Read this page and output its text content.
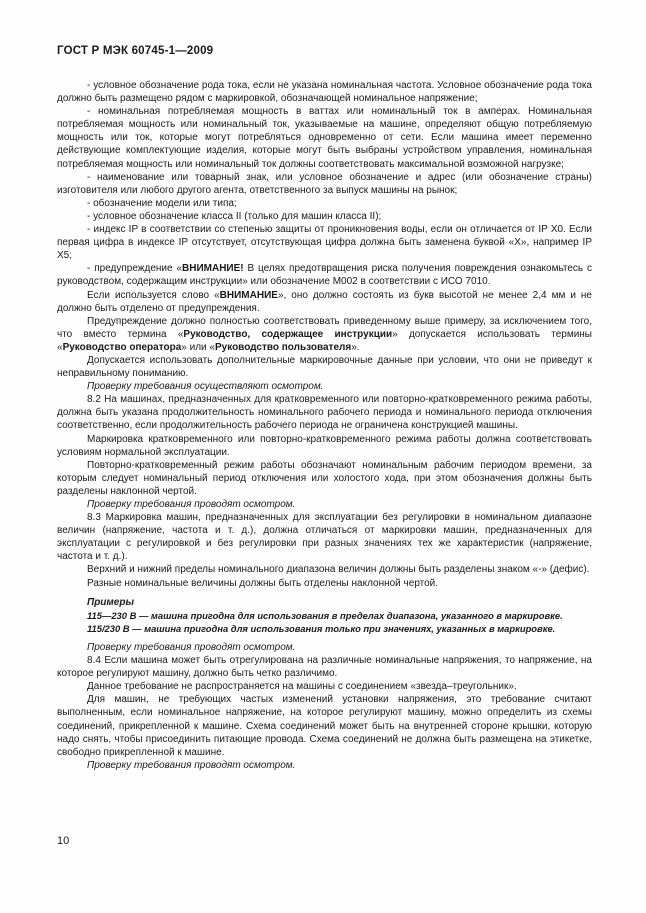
ГОСТ Р МЭК 60745-1—2009

- условное обозначение рода тока, если не указана номинальная частота. Условное обозначение рода тока должно быть размещено рядом с маркировкой, обозначающей номинальное напряжение;

- номинальная потребляемая мощность в ваттах или номинальный ток в амперах. Номинальная потребляемая мощность или номинальный ток, указываемые на машине, определяют общую потребляемую мощность или ток, которые могут потребляться одновременно от сети. Если машина имеет переменно действующие комплектующие изделия, которые могут быть выбраны устройством управления, номинальная потребляемая мощность или номинальный ток должны соответствовать максимальной возможной нагрузке;

- наименование или товарный знак, или условное обозначение и адрес (или обозначение страны) изготовителя или любого другого агента, ответственного за выпуск машины на рынок;

- обозначение модели или типа;

- условное обозначение класса II (только для машин класса II);

- индекс IP в соответствии со степенью защиты от проникновения воды, если он отличается от IP X0. Если первая цифра в индексе IP отсутствует, отсутствующая цифра должна быть заменена буквой «Х», например IP X5;

- предупреждение «ВНИМАНИЕ! В целях предотвращения риска получения повреждения ознакомьтесь с руководством, содержащим инструкции» или обозначение M002 в соответствии с ИСО 7010.

Если используется слово «ВНИМАНИЕ», оно должно состоять из букв высотой не менее 2,4 мм и не должно быть отделено от предупреждения.

Предупреждение должно полностью соответствовать приведенному выше примеру, за исключением того, что вместо термина «Руководство, содержащее инструкции» допускается использовать термины «Руководство оператора» или «Руководство пользователя».

Допускается использовать дополнительные маркировочные данные при условии, что они не приведут к неправильному пониманию.

Проверку требования осуществляют осмотром.

8.2 На машинах, предназначенных для кратковременного или повторно-кратковременного режима работы, должна быть указана продолжительность номинального рабочего периода и номинального периода отключения соответственно, если продолжительность рабочего периода не ограничена конструкцией машины.

Маркировка кратковременного или повторно-кратковременного режима работы должна соответствовать условиям нормальной эксплуатации.

Повторно-кратковременный режим работы обозначают номинальным рабочим периодом времени, за которым следует номинальный период отключения или холостого хода, при этом обозначения должны быть разделены наклонной чертой.

Проверку требования проводят осмотром.

8.3 Маркировка машин, предназначенных для эксплуатации без регулировки в номинальном диапазоне величин (напряжение, частота и т. д.), должна отличаться от маркировки машин, предназначенных для эксплуатации с регулировкой и без регулировки при разных значениях тех же характеристик (напряжение, частота и т. д.).

Верхний и нижний пределы номинального диапазона величин должны быть разделены знаком «-» (дефис).

Разные номинальные величины должны быть отделены наклонной чертой.

Примеры

115—230 В — машина пригодна для использования в пределах диапазона, указанного в маркировке.

115/230 В — машина пригодна для использования только при значениях, указанных в маркировке.

Проверку требования проводят осмотром.

8.4 Если машина может быть отрегулирована на различные номинальные напряжения, то напряжение, на которое регулируют машину, должно быть четко различимо.

Данное требование не распространяется на машины с соединением «звезда–треугольник».

Для машин, не требующих частых изменений установки напряжения, это требование считают выполненным, если номинальное напряжение, на которое регулируют машину, можно определить из схемы соединений, прикрепленной к машине. Схема соединений может быть на внутренней стороне крышки, которую надо снять, чтобы присоединить питающие провода. Схема соединений не должна быть размещена на этикетке, свободно прикрепленной к машине.

Проверку требования проводят осмотром.

10
